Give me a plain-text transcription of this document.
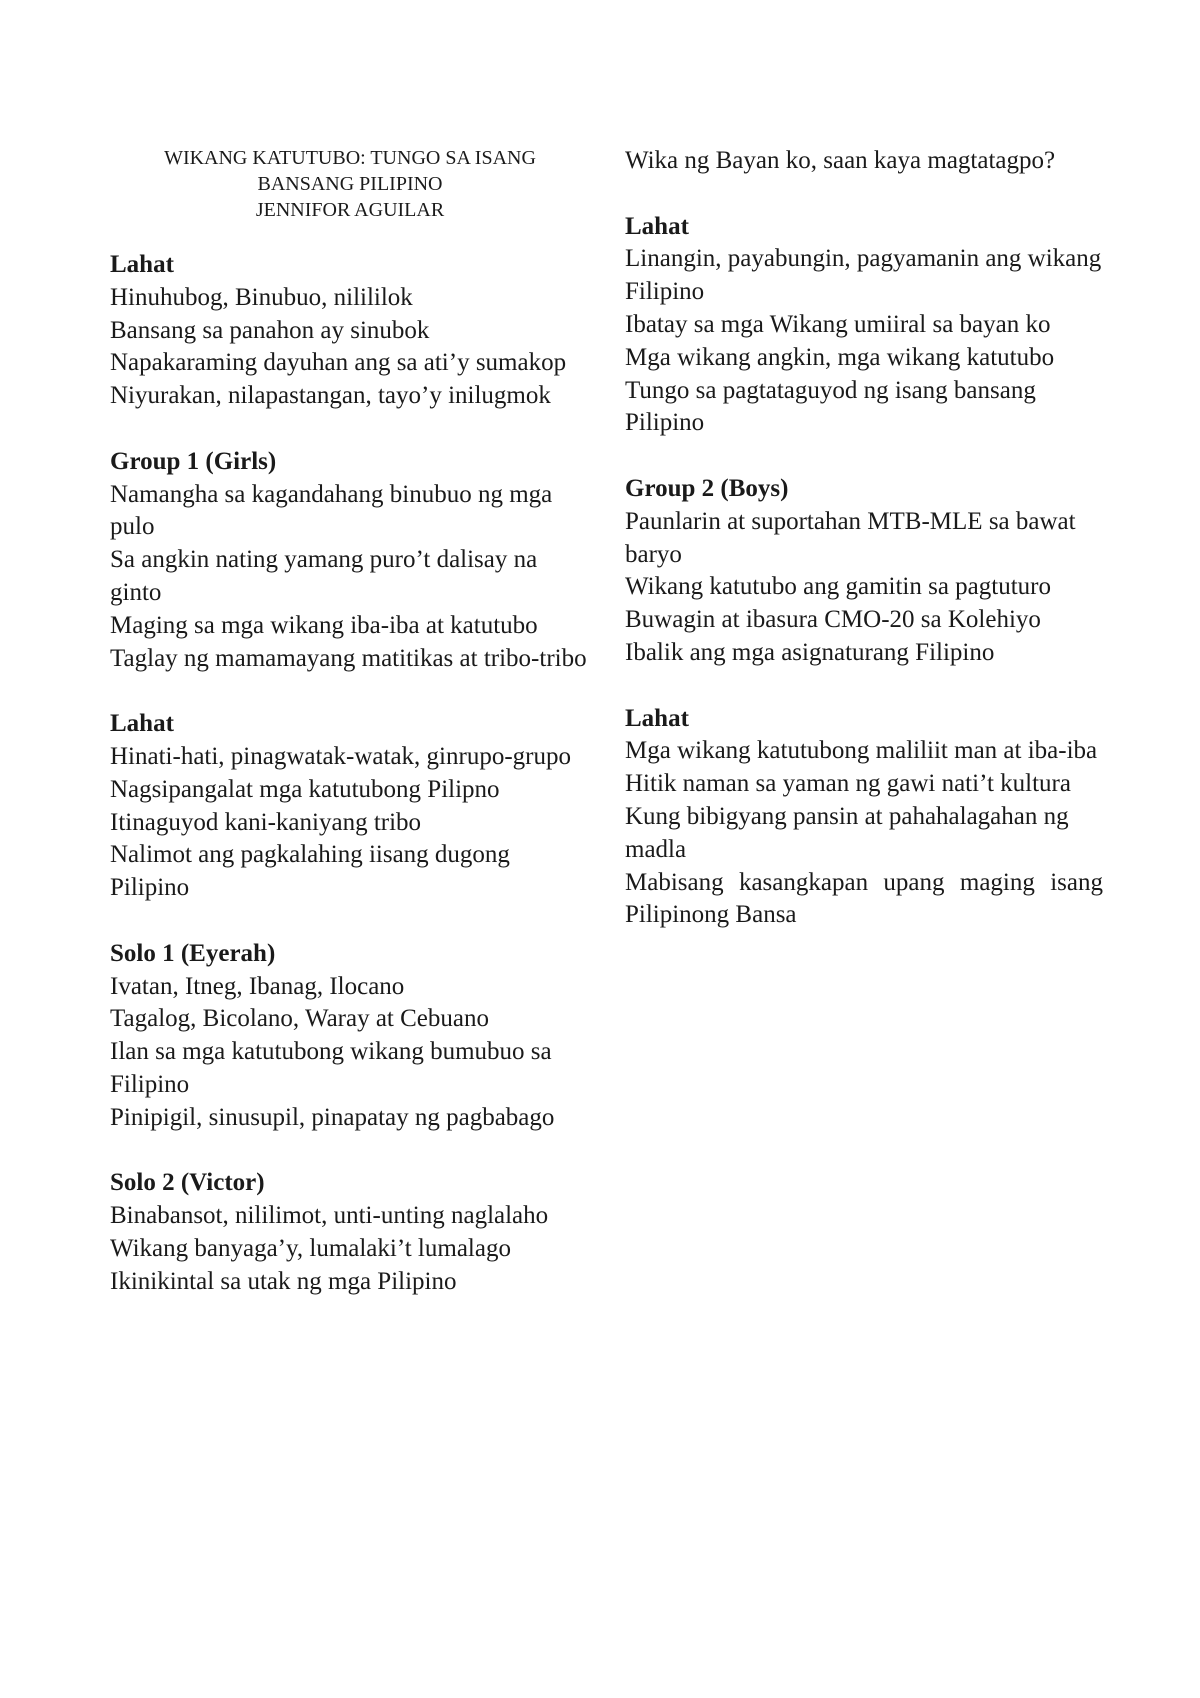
WIKANG KATUTUBO: TUNGO SA ISANG
BANSANG PILIPINO
JENNIFOR AGUILAR
Lahat
Hinuhubog, Binubuo, nilililok
Bansang sa panahon ay sinubok
Napakaraming dayuhan ang sa ati’y sumakop
Niyurakan, nilapastangan, tayo’y inilugmok
Group 1 (Girls)
Namangha sa kagandahang binubuo ng mga pulo
Sa angkin nating yamang puro’t dalisay na ginto
Maging sa mga wikang iba-iba at katutubo
Taglay ng mamamayang matitikas at tribo-tribo
Lahat
Hinati-hati, pinagwatak-watak, ginrupo-grupo
Nagsipangalat mga katutubong Pilipno
Itinaguyod kani-kaniyang tribo
Nalimot ang pagkalahing iisang dugong Pilipino
Solo 1 (Eyerah)
Ivatan, Itneg, Ibanag, Ilocano
Tagalog, Bicolano, Waray at Cebuano
Ilan sa mga katutubong wikang bumubuo sa Filipino
Pinipigil, sinusupil, pinapatay ng pagbabago
Solo 2 (Victor)
Binabansot, nililimot, unti-unting naglalaho
Wikang banyaga’y, lumalaki’t lumalago
Ikinikintal sa utak ng mga Pilipino
Wika ng Bayan ko, saan kaya magtatagpo?
Lahat
Linangin, payabungin, pagyamanin ang wikang Filipino
Ibatay sa mga Wikang umiiral sa bayan ko
Mga wikang angkin, mga wikang katutubo
Tungo sa pagtataguyod ng isang bansang Pilipino
Group 2 (Boys)
Paunlarin at suportahan MTB-MLE sa bawat baryo
Wikang katutubo ang gamitin sa pagtuturo
Buwagin at ibasura CMO-20 sa Kolehiyo
Ibalik ang mga asignaturang Filipino
Lahat
Mga wikang katutubong maliliit man at iba-iba
Hitik naman sa yaman ng gawi nati’t kultura
Kung bibigyang pansin at pahahalagahan ng madla
Mabisang kasangkapan upang maging isang Pilipinong Bansa
